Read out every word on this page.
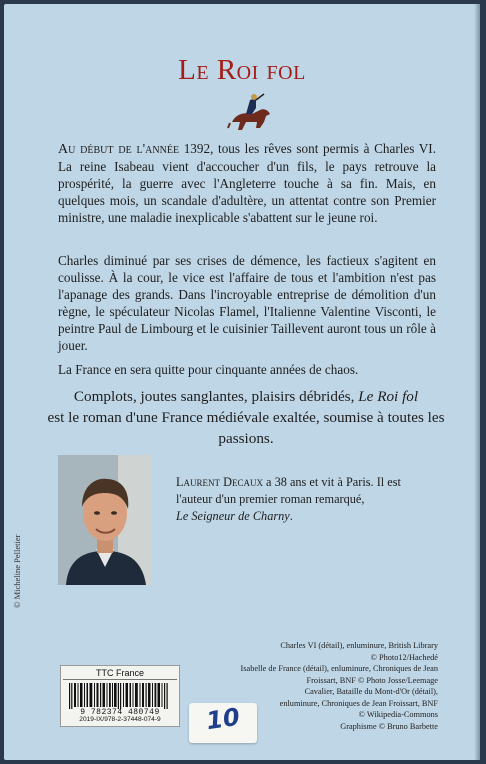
Le Roi fol

Au début de l'année 1392, tous les rêves sont permis à Charles VI. La reine Isabeau vient d'accoucher d'un fils, le pays retrouve la prospérité, la guerre avec l'Angleterre touche à sa fin. Mais, en quelques mois, un scandale d'adultère, un attentat contre son Premier ministre, une maladie inexplicable s'abattent sur le jeune roi.

Charles diminué par ses crises de démence, les factieux s'agitent en coulisse. À la cour, le vice est l'affaire de tous et l'ambition n'est pas l'apanage des grands. Dans l'incroyable entreprise de démolition d'un règne, le spéculateur Nicolas Flamel, l'Italienne Valentine Visconti, le peintre Paul de Limbourg et le cuisinier Taillevent auront tous un rôle à jouer.

La France en sera quitte pour cinquante années de chaos.

Complots, joutes sanglantes, plaisirs débridés, Le Roi fol
est le roman d'une France médiévale exaltée, soumise à toutes les passions.
© Micheline Pelletier

Laurent Decaux a 38 ans et vit à Paris. Il est l'auteur d'un premier roman remarqué,
Le Seigneur de Charny.

Charles VI (détail), enluminure, British Library

© Photo12/Hachedé

Isabelle de France (détail), enluminure, Chroniques de Jean

Froissart, BNF © Photo Josse/Leemage

Cavalier, Bataille du Mont-d'Or (détail),

enluminure, Chroniques de Jean Froissart, BNF

© Wikipedia-Commons

Graphisme © Bruno Barbette

TTC France
9 782374 480749
2019-IX/978-2-37448-074-9	10
